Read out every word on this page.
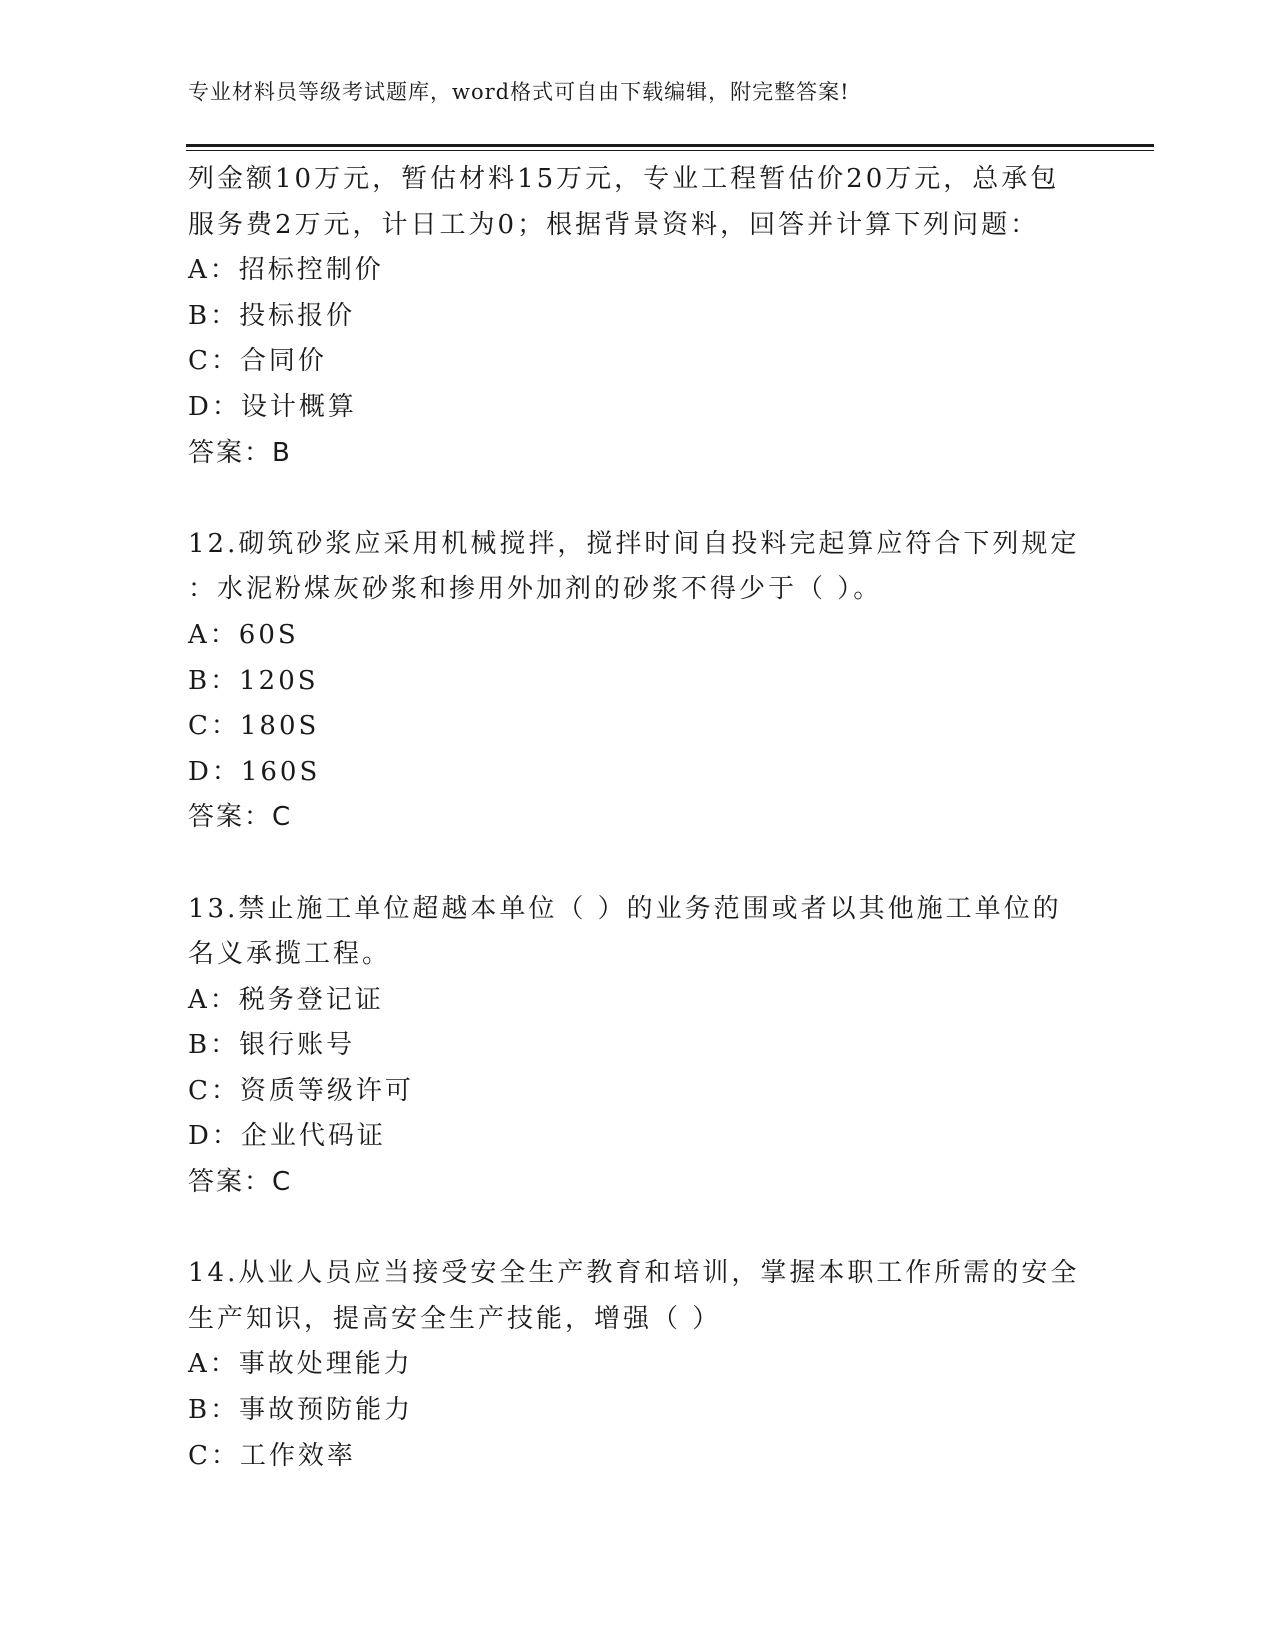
专业材料员等级考试题库，word格式可自由下载编辑，附完整答案!
列金额10万元，暂估材料15万元，专业工程暂估价20万元，总承包
服务费2万元，计日工为0；根据背景资料，回答并计算下列问题：
A：招标控制价
B：投标报价
C：合同价
D：设计概算
答案：B
12.砌筑砂浆应采用机械搅拌，搅拌时间自投料完起算应符合下列规定
：水泥粉煤灰砂浆和掺用外加剂的砂浆不得少于（ ）。
A：60S
B：120S
C：180S
D：160S
答案：C
13.禁止施工单位超越本单位（ ）的业务范围或者以其他施工单位的
名义承揽工程。
A：税务登记证
B：银行账号
C：资质等级许可
D：企业代码证
答案：C
14.从业人员应当接受安全生产教育和培训，掌握本职工作所需的安全
生产知识，提高安全生产技能，增强（ ）
A：事故处理能力
B：事故预防能力
C：工作效率
